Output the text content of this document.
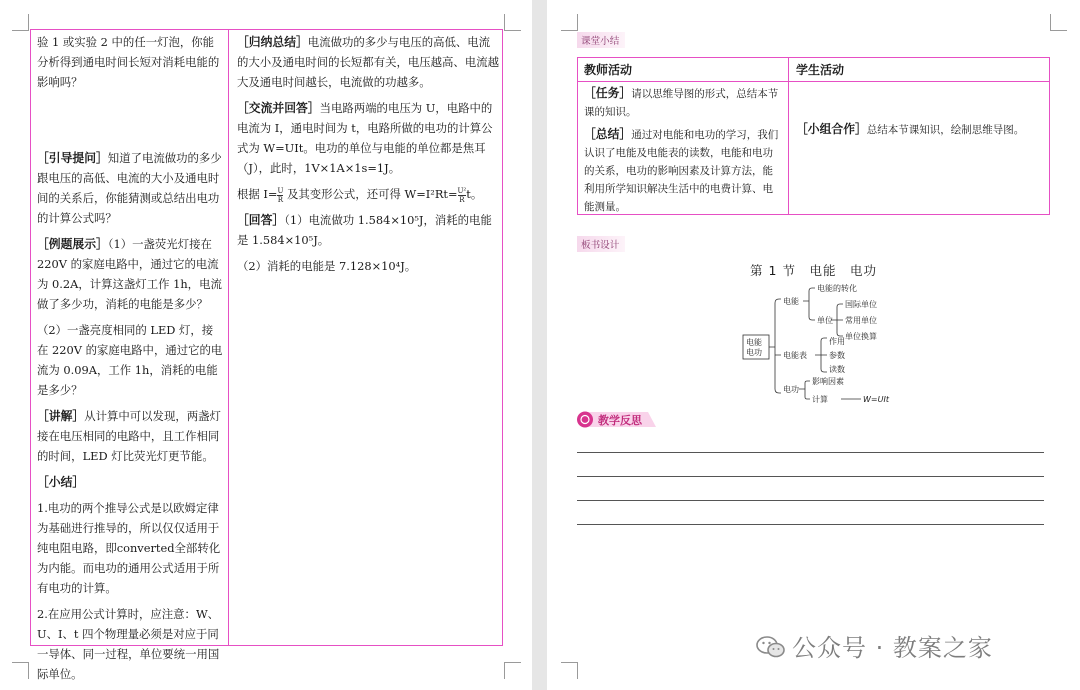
验 1 或实验 2 中的任一灯泡，你能分析得到通电时间长短对消耗电能的影响吗？

［引导提问］知道了电流做功的多少跟电压的高低、电流的大小及通电时间的关系后，你能猜测或总结出电功的计算公式吗？

［例题展示］（1）一盏荧光灯接在 220V 的家庭电路中，通过它的电流为 0.2A，计算这盏灯工作 1h，电流做了多少功，消耗的电能是多少？

（2）一盏亮度相同的 LED 灯，接在 220V 的家庭电路中，通过它的电流为 0.09A，工作 1h，消耗的电能是多少？

［讲解］从计算中可以发现，两盏灯接在电压相同的电路中，且工作相同的时间，LED 灯比荧光灯更节能。

［小结］

1.电功的两个推导公式是以欧姆定律为基础进行推导的，所以仅仅适用于纯电阻电路，即converted全部转化为内能。而电功的通用公式适用于所有电功的计算。

2.在应用公式计算时，应注意：W、U、I、t 四个物理量必须是对应于同一导体、同一过程，单位要统一用国际单位。

［归纳总结］电流做功的多少与电压的高低、电流的大小及通电时间的长短都有关，电压越高、电流越大及通电时间越长，电流做的功越多。

［交流并回答］当电路两端的电压为 U，电路中的电流为 I，通电时间为 t，电路所做的电功的计算公式为 W=UIt。电功的单位与电能的单位都是焦耳（J），此时，1V×1A×1s=1J。

根据 $I= \frac{U}{R}$ 及其变形公式，还可得 $W=I^2Rt= \frac{\text{U²}}{R}$ t。

［回答］（1）电流做功 1.584×10⁵J，消耗的电能是 1.584×10⁵J。

（2）消耗的电能是 7.128×10⁴J。

课堂小结
教师活动	学生活动

［任务］请以思维导图的形式，总结本节课的知识。

［总结］通过对电能和电功的学习，我们认识了电能及电能表的读数，电能和电功的关系，电功的影响因素及计算方法，能利用所学知识解决生活中的电费计算、电能测量。

［小组合作］总结本节课知识，绘制思维导图。

板书设计
第 1 节　电能　电功
电能
电功
电能
电能的转化
单位
国际单位
常用单位
单位换算
电能表
作用
参数
读数
电功
影响因素
计算	W=UIt
教学反思
公众号 · 教案之家
